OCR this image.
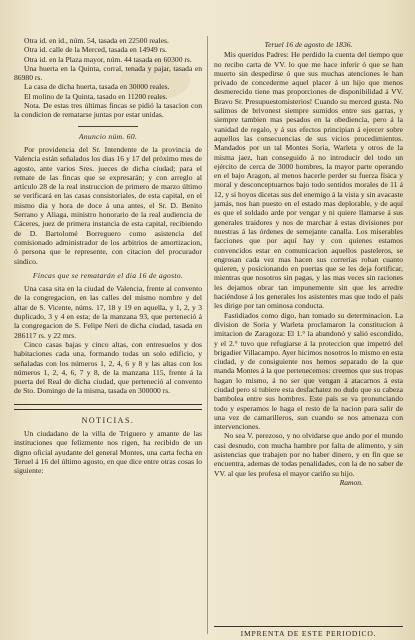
Otra id. en id., núm. 54, tasada en 22500 reales.

Otra id. calle de la Merced, tasada en 14949 rs.

Otra id. en la Plaza mayor, núm. 44 tasada en 60300 rs.

Una huerta en la Quinta, corral, tenada y pajar, tasada en 86980 rs.

La casa de dicha huerta, tasada en 30000 reales.

El molino de la Quinta, tasado en 11200 reales.

Nota. De estas tres últimas fincas se pidió la tasacion con la condicion de rematarse juntas por estar unidas.

Anuncio núm. 60.

Por providencia del Sr. Intendente de la provincia de Valencia están señalados los dias 16 y 17 del próximo mes de agosto, ante varios Sres. jueces de dicha ciudad; para el remate de las fincas que se expresarán; y con arreglo al artículo 28 de la real instruccion de primero de marzo último se verificará en las casas consistoriales, de esta capital, en el mismo dia y hora de doce á una antes, el Sr. D. Benito Serrano y Aliaga, ministro honorario de la real audiencia de Cáceres, juez de primera instancia de esta capital, recibiendo de D. Bartolomé Borreguero como asistencia del comisionado administrador de los arbitrios de amortizacion, ó persona que le represente, con citacion del procurador síndico.

Fincas que se rematarán el dia 16 de agosto.

Una casa sita en la ciudad de Valencia, frente al convento de la congregacion, en las calles del mismo nombre y del altar de S. Vicente, núms. 17, 18 y 19 en aquella, y 1, 2, y 3 duplicado, 3 y 4 en esta; de la manzana 93, que perteneció á la congregacion de S. Felipe Neri de dicha ciudad, tasada en 286117 rs. y 22 mrs.

Cinco casas bajas y cinco altas, con entresuelos y dos habitaciones cada una, formando todas un solo edificio, y señaladas con los números 1, 2, 4, 6 y 8 y las altas con los números 1, 2, 4, 6, 7 y 8, de la manzana 115, frente á la puerta del Real de dicha ciudad, que perteneció al convento de Sto. Domingo de la misma, tasada en 300000 rs.

NOTICIAS.

Un ciudadano de la villa de Triguero y amante de las instituciones que felizmente nos rigen, ha recibido de un digno oficial ayudante del general Montes, una carta fecha en Teruel á 16 del último agosto, en que dice entre otras cosas lo siguiente:

Teruel 16 de agosto de 1836.

Mis queridos Padres: He perdido la cuenta del tiempo que no recibo carta de VV. lo que me hace inferir ó que se han muerto sin despedirse ó que sus muchas atenciones le han privado de concederme aquel placer á un hijo que menos desmerecido tiene mas proporciones de disponibilidad á VV. Bravo Sr. Presupuestomisterios! Cuando su merced gusta. No salimos de brivonest siempre sumidos entre sus garras, y siempre tambien mas pesados en la obediencia, pero á la vanidad de regalo, y á sus efectos principian á ejercer sobre aquellos las consecuencias de sus vicios procedimientos. Mandados por un tal Montes Soria, Warleta y otros de la misma jaez, han conseguido á no introducir del todo un ejército de cerca de 3000 hombres, la mayor parte operando en el bajo Aragon, al menos hacerle perder su fuerza física y moral y desconceptuarnos bajo todo sentidos morales de 11 á 12, y si hoyos dicetas sus del enemigo á la vista y sin avacaste jamás, nos han puesto en el estado mas deplorable, y de aquí es que el soldado arde por vengar y ni quiere llamarse á sus generales traidores y nos de marchar á estas divisiones por nuestras á las órdenes de semejante canalla. Los miserables facciones que por aquí hay y con quienes estamos convencidos estar en comunicacion aquellos pasteleros, se engrosan cada vez mas hacen sus correrías roban cuanto quieren, y posicionando en puertas que se les deja fortificar, mientras que nosotros sin pagas, y las mas veces sin raciones les dejamos obrar tan impunemente sin que les arredre haciéndose á los generales los asistentes mas que todo el país les dirige por tan ominosa conducta.

Fastidiados como digo, han tomado su determinacion. La division de Soria y Warleta proclamaron la constitucion á imitacion de Zaragoza: El 1.° la abandonó y salió escondido, y el 2.° tuvo que refugiarse á la proteccion que impetró del brigadier Villacampo. Ayer hicimos nosotros lo mismo en esta ciudad, y de consiguiente nos hemos separado de la que manda Montes á la que pertenecemos: creemos que sus tropas hagan lo mismo, á no ser que vengan á atacarnos á esta ciudad pero si tubiere esta desfachatez no dudo que su cabeza bambolea entre sus hombres. Este país se va pronunciando todo y esperamos le haga el resto de la nacion para salir de una vez de camarilleros, sun cuando se nos amenaza con intervenciones.

No sea V. perezoso, y no olvidarse que ando por el mundo casi desnudo, con mucha hambre por falta de alimento, y sin asistencias que trabajen por no haber dinero, y en fin que se encuentra, ademas de todas penalidades, con la de no saber de VV. al que les profesa el mayor cariño su hijo.

Ramon.

IMPRENTA DE ESTE PERIODICO.
